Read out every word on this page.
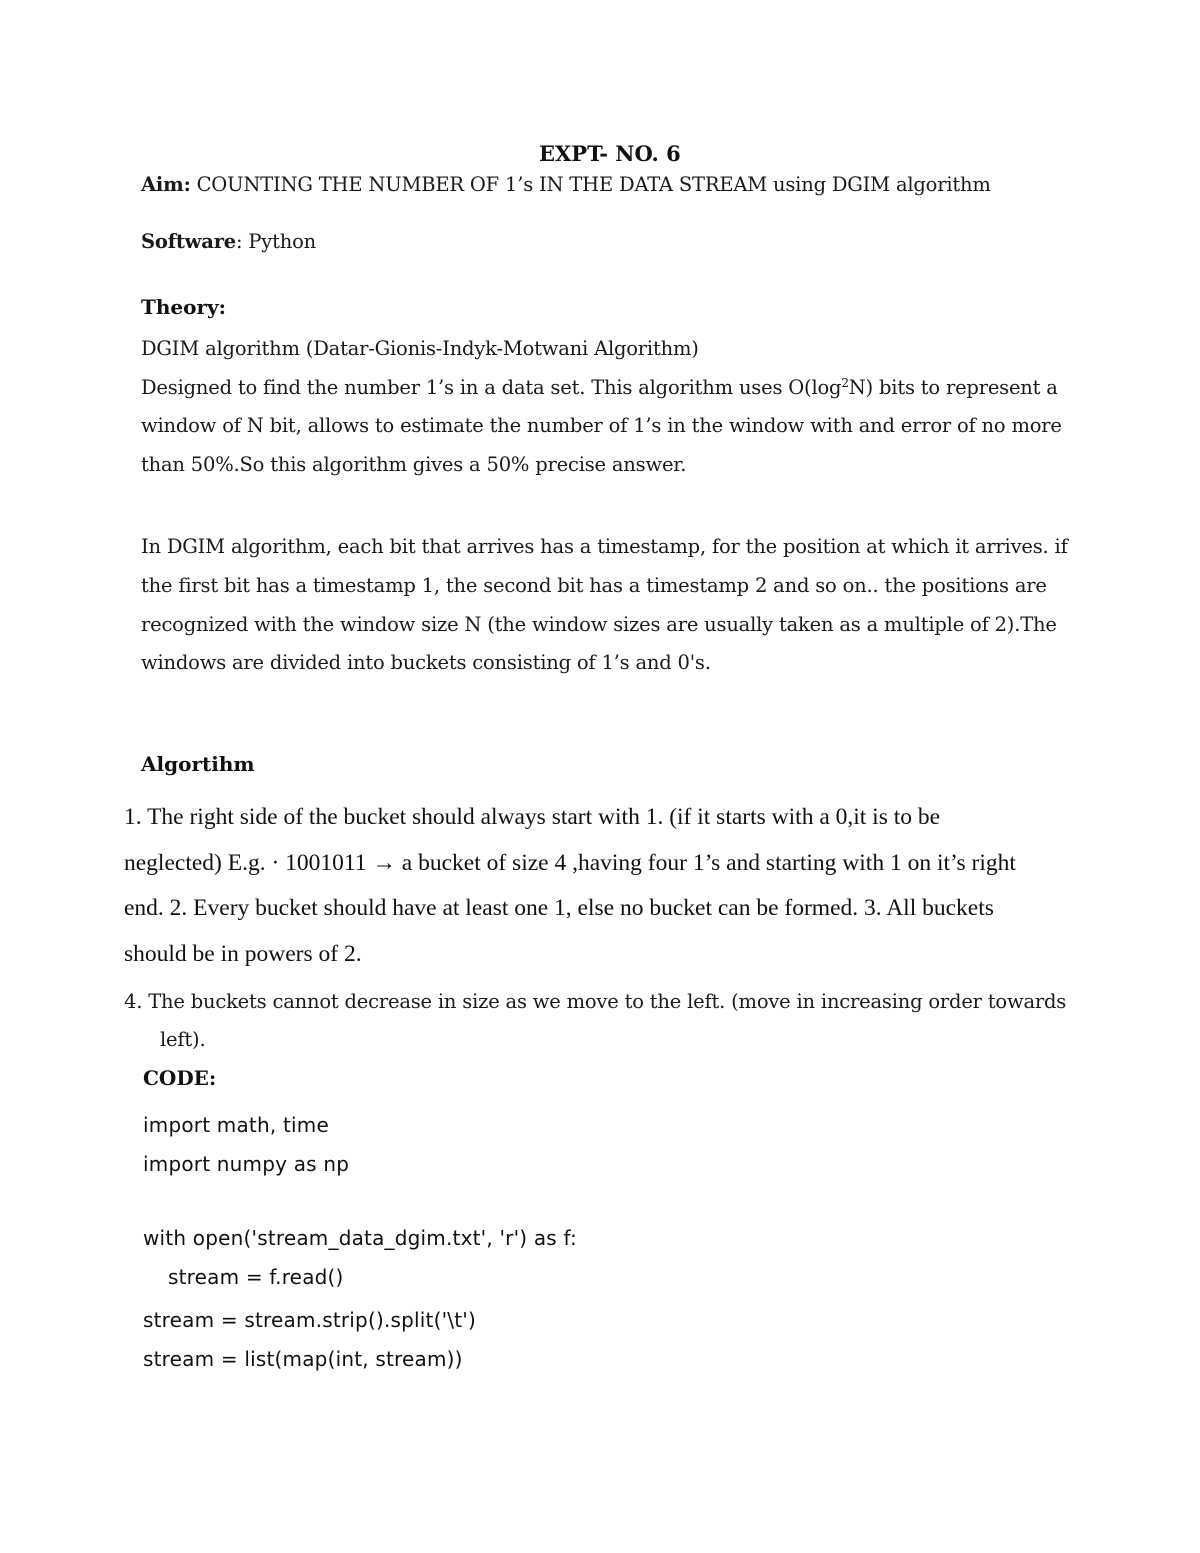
EXPT- NO. 6
Aim: COUNTING THE NUMBER OF 1’s IN THE DATA STREAM using DGIM algorithm
Software: Python
Theory:
DGIM algorithm (Datar-Gionis-Indyk-Motwani Algorithm)
Designed to find the number 1’s in a data set. This algorithm uses $O(\log^2N)$ bits to represent a
window of N bit, allows to estimate the number of 1’s in the window with and error of no more
than 50%.So this algorithm gives a 50% precise answer.
In DGIM algorithm, each bit that arrives has a timestamp, for the position at which it arrives. if
the first bit has a timestamp 1, the second bit has a timestamp 2 and so on.. the positions are
recognized with the window size N (the window sizes are usually taken as a multiple of 2).The
windows are divided into buckets consisting of 1’s and 0's.
Algortihm
1. The right side of the bucket should always start with 1. (if it starts with a 0,it is to be
neglected) E.g. · 1001011 → a bucket of size 4 ,having four 1’s and starting with 1 on it’s right
end. 2. Every bucket should have at least one 1, else no bucket can be formed. 3. All buckets
should be in powers of 2.
4. The buckets cannot decrease in size as we move to the left. (move in increasing order towards
left).
CODE:
import math, time
import numpy as np
with open('stream_data_dgim.txt', 'r') as f:
stream = f.read()
stream = stream.strip().split('\t')
stream = list(map(int, stream))
